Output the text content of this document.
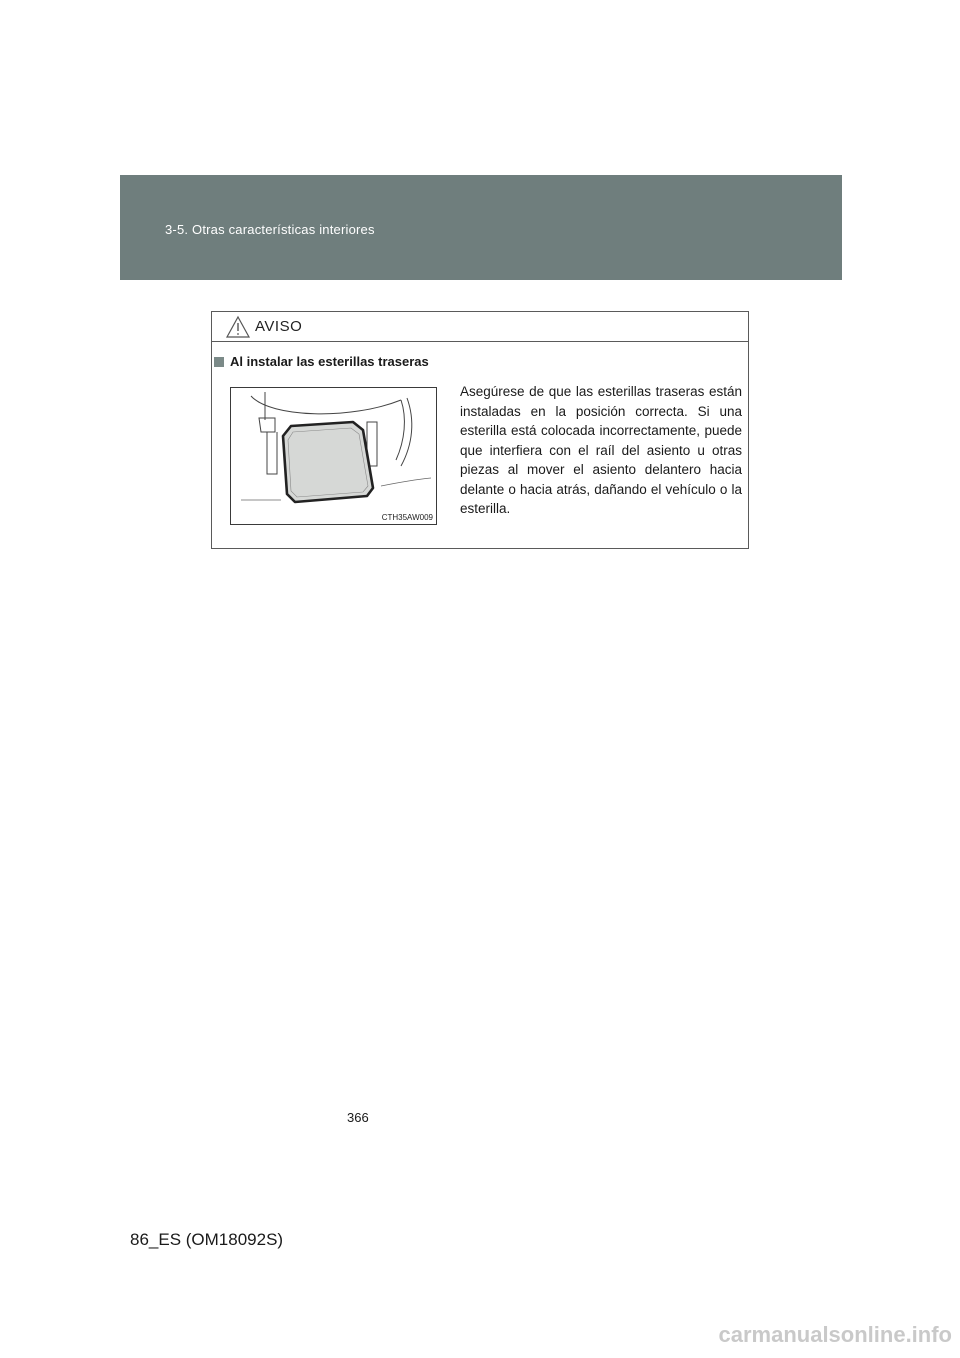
3-5. Otras características interiores
AVISO
Al instalar las esterillas traseras
CTH35AW009
Asegúrese de que las esterillas traseras están instaladas en la posición correcta. Si una esterilla está colocada incorrectamente, puede que interfiera con el raíl del asiento u otras piezas al mover el asiento delantero hacia delante o hacia atrás, dañando el vehículo o la esterilla.
366
86_ES (OM18092S)
carmanualsonline.info
